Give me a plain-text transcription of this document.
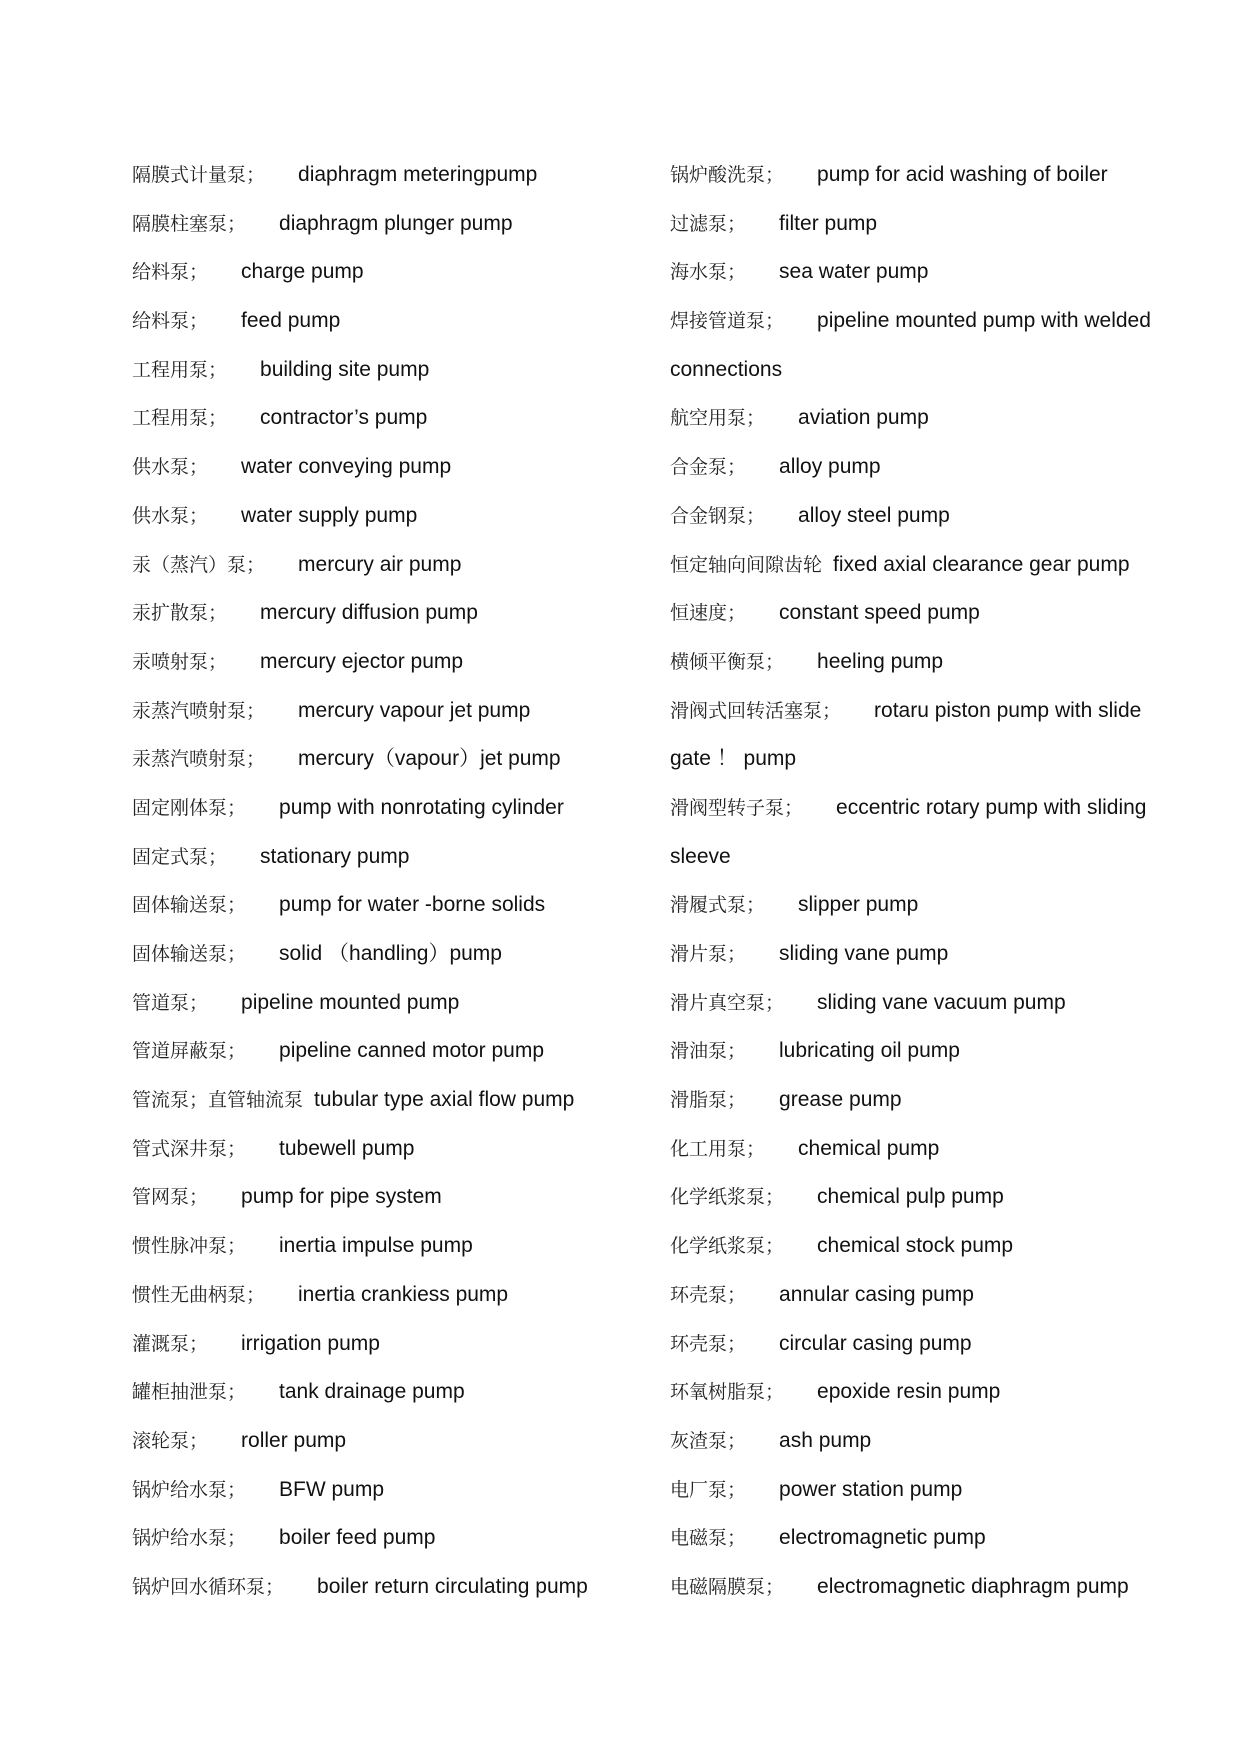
隔膜式计量泵； diaphragm meteringpump
隔膜柱塞泵； diaphragm plunger pump
给料泵； charge pump
给料泵； feed pump
工程用泵； building site pump
工程用泵； contractor’s pump
供水泵； water conveying pump
供水泵； water supply pump
汞（蒸汽）泵； mercury air pump
汞扩散泵； mercury diffusion pump
汞喷射泵； mercury ejector pump
汞蒸汽喷射泵； mercury vapour jet pump
汞蒸汽喷射泵； mercury（vapour）jet pump
固定刚体泵； pump with nonrotating cylinder
固定式泵； stationary pump
固体输送泵； pump for water -borne solids
固体输送泵； solid （handling）pump
管道泵； pipeline mounted pump
管道屏蔽泵； pipeline canned motor pump
管流泵；直管轴流泵 tubular type axial flow pump
管式深井泵； tubewell pump
管网泵； pump for pipe system
惯性脉冲泵； inertia impulse pump
惯性无曲柄泵； inertia crankiess pump
灌溉泵； irrigation pump
罐柜抽泄泵； tank drainage pump
滚轮泵； roller pump
锅炉给水泵； BFW pump
锅炉给水泵； boiler feed pump
锅炉回水循环泵； boiler return circulating pump
锅炉酸洗泵； pump for acid washing of boiler
过滤泵； filter pump
海水泵； sea water pump
焊接管道泵； pipeline mounted pump with welded
connections
航空用泵； aviation pump
合金泵； alloy pump
合金钢泵； alloy steel pump
恒定轴向间隙齿轮 fixed axial clearance gear pump
恒速度； constant speed pump
横倾平衡泵； heeling pump
滑阀式回转活塞泵； rotaru piston pump with slide
gate ！ pump
滑阀型转子泵； eccentric rotary pump with sliding
sleeve
滑履式泵； slipper pump
滑片泵； sliding vane pump
滑片真空泵； sliding vane vacuum pump
滑油泵； lubricating oil pump
滑脂泵； grease pump
化工用泵； chemical pump
化学纸浆泵； chemical pulp pump
化学纸浆泵； chemical stock pump
环壳泵； annular casing pump
环壳泵； circular casing pump
环氧树脂泵； epoxide resin pump
灰渣泵； ash pump
电厂泵； power station pump
电磁泵； electromagnetic pump
电磁隔膜泵； electromagnetic diaphragm pump
